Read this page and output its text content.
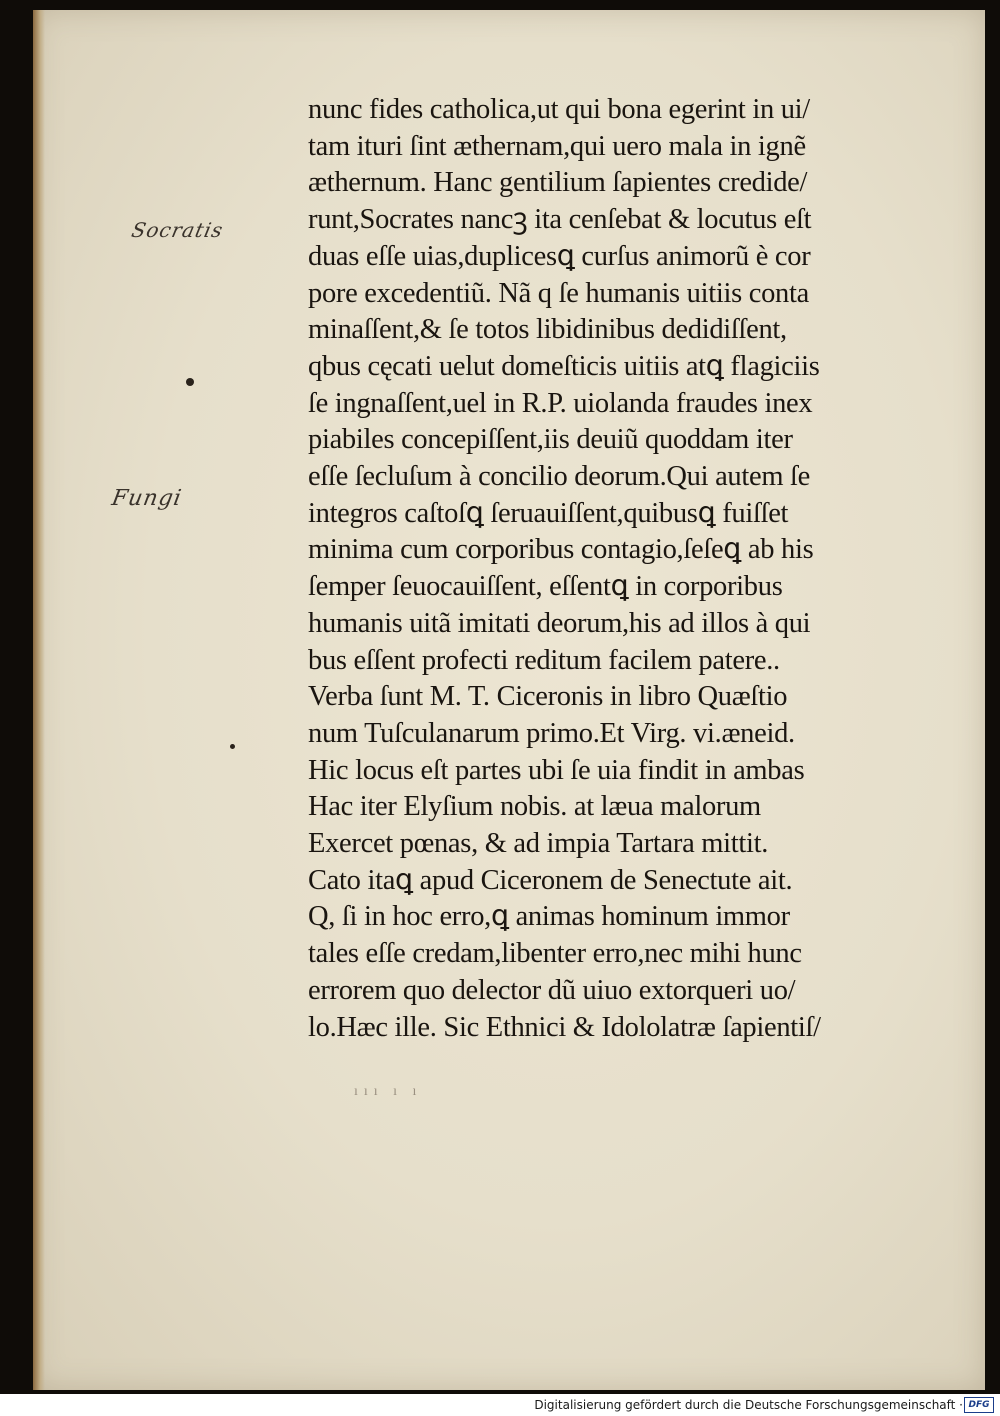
Socratis
Fungi
nunc fides catholica,ut qui bona egerint in ui/
tam ituri ſint æthernam,qui uero mala in ignẽ
æthernum. Hanc gentilium ſapientes credide/
runt,Socrates nancꝫ ita cenſebat & locutus eſt
duas eſſe uias,duplicesꝗ curſus animorũ è cor
pore excedentiũ. Nã q ſe humanis uitiis conta
minaſſent,& ſe totos libidinibus dedidiſſent,
qbus cęcati uelut domeſticis uitiis atꝗ flagiciis
ſe ingnaſſent,uel in R.P. uiolanda fraudes inex
piabiles concepiſſent,iis deuiũ quoddam iter
eſſe ſecluſum à concilio deorum.Qui autem ſe
integros caſtoſꝗ ſeruauiſſent,quibusꝗ fuiſſet
minima cum corporibus contagio,ſeſeꝗ ab his
ſemper ſeuocauiſſent, eſſentꝗ in corporibus
humanis uitã imitati deorum,his ad illos à qui
bus eſſent profecti reditum facilem patere..
Verba ſunt M. T. Ciceronis in libro Quæſtio
num Tuſculanarum primo.Et Virg. vi.æneid.
Hic locus eſt partes ubi ſe uia findit in ambas
Hac iter Elyſium nobis. at læua malorum
Exercet pœnas, & ad impia Tartara mittit.
Cato itaꝗ apud Ciceronem de Senectute ait.
Q, ſi in hoc erro,ꝗ animas hominum immor
tales eſſe credam,libenter erro,nec mihi hunc
errorem quo delector dũ uiuo extorqueri uo/
lo.Hæc ille. Sic Ethnici & Idololatræ ſapientiſ/
ııı ı ı
Digitalisierung gefördert durch die Deutsche Forschungsgemeinschaft · DFG
